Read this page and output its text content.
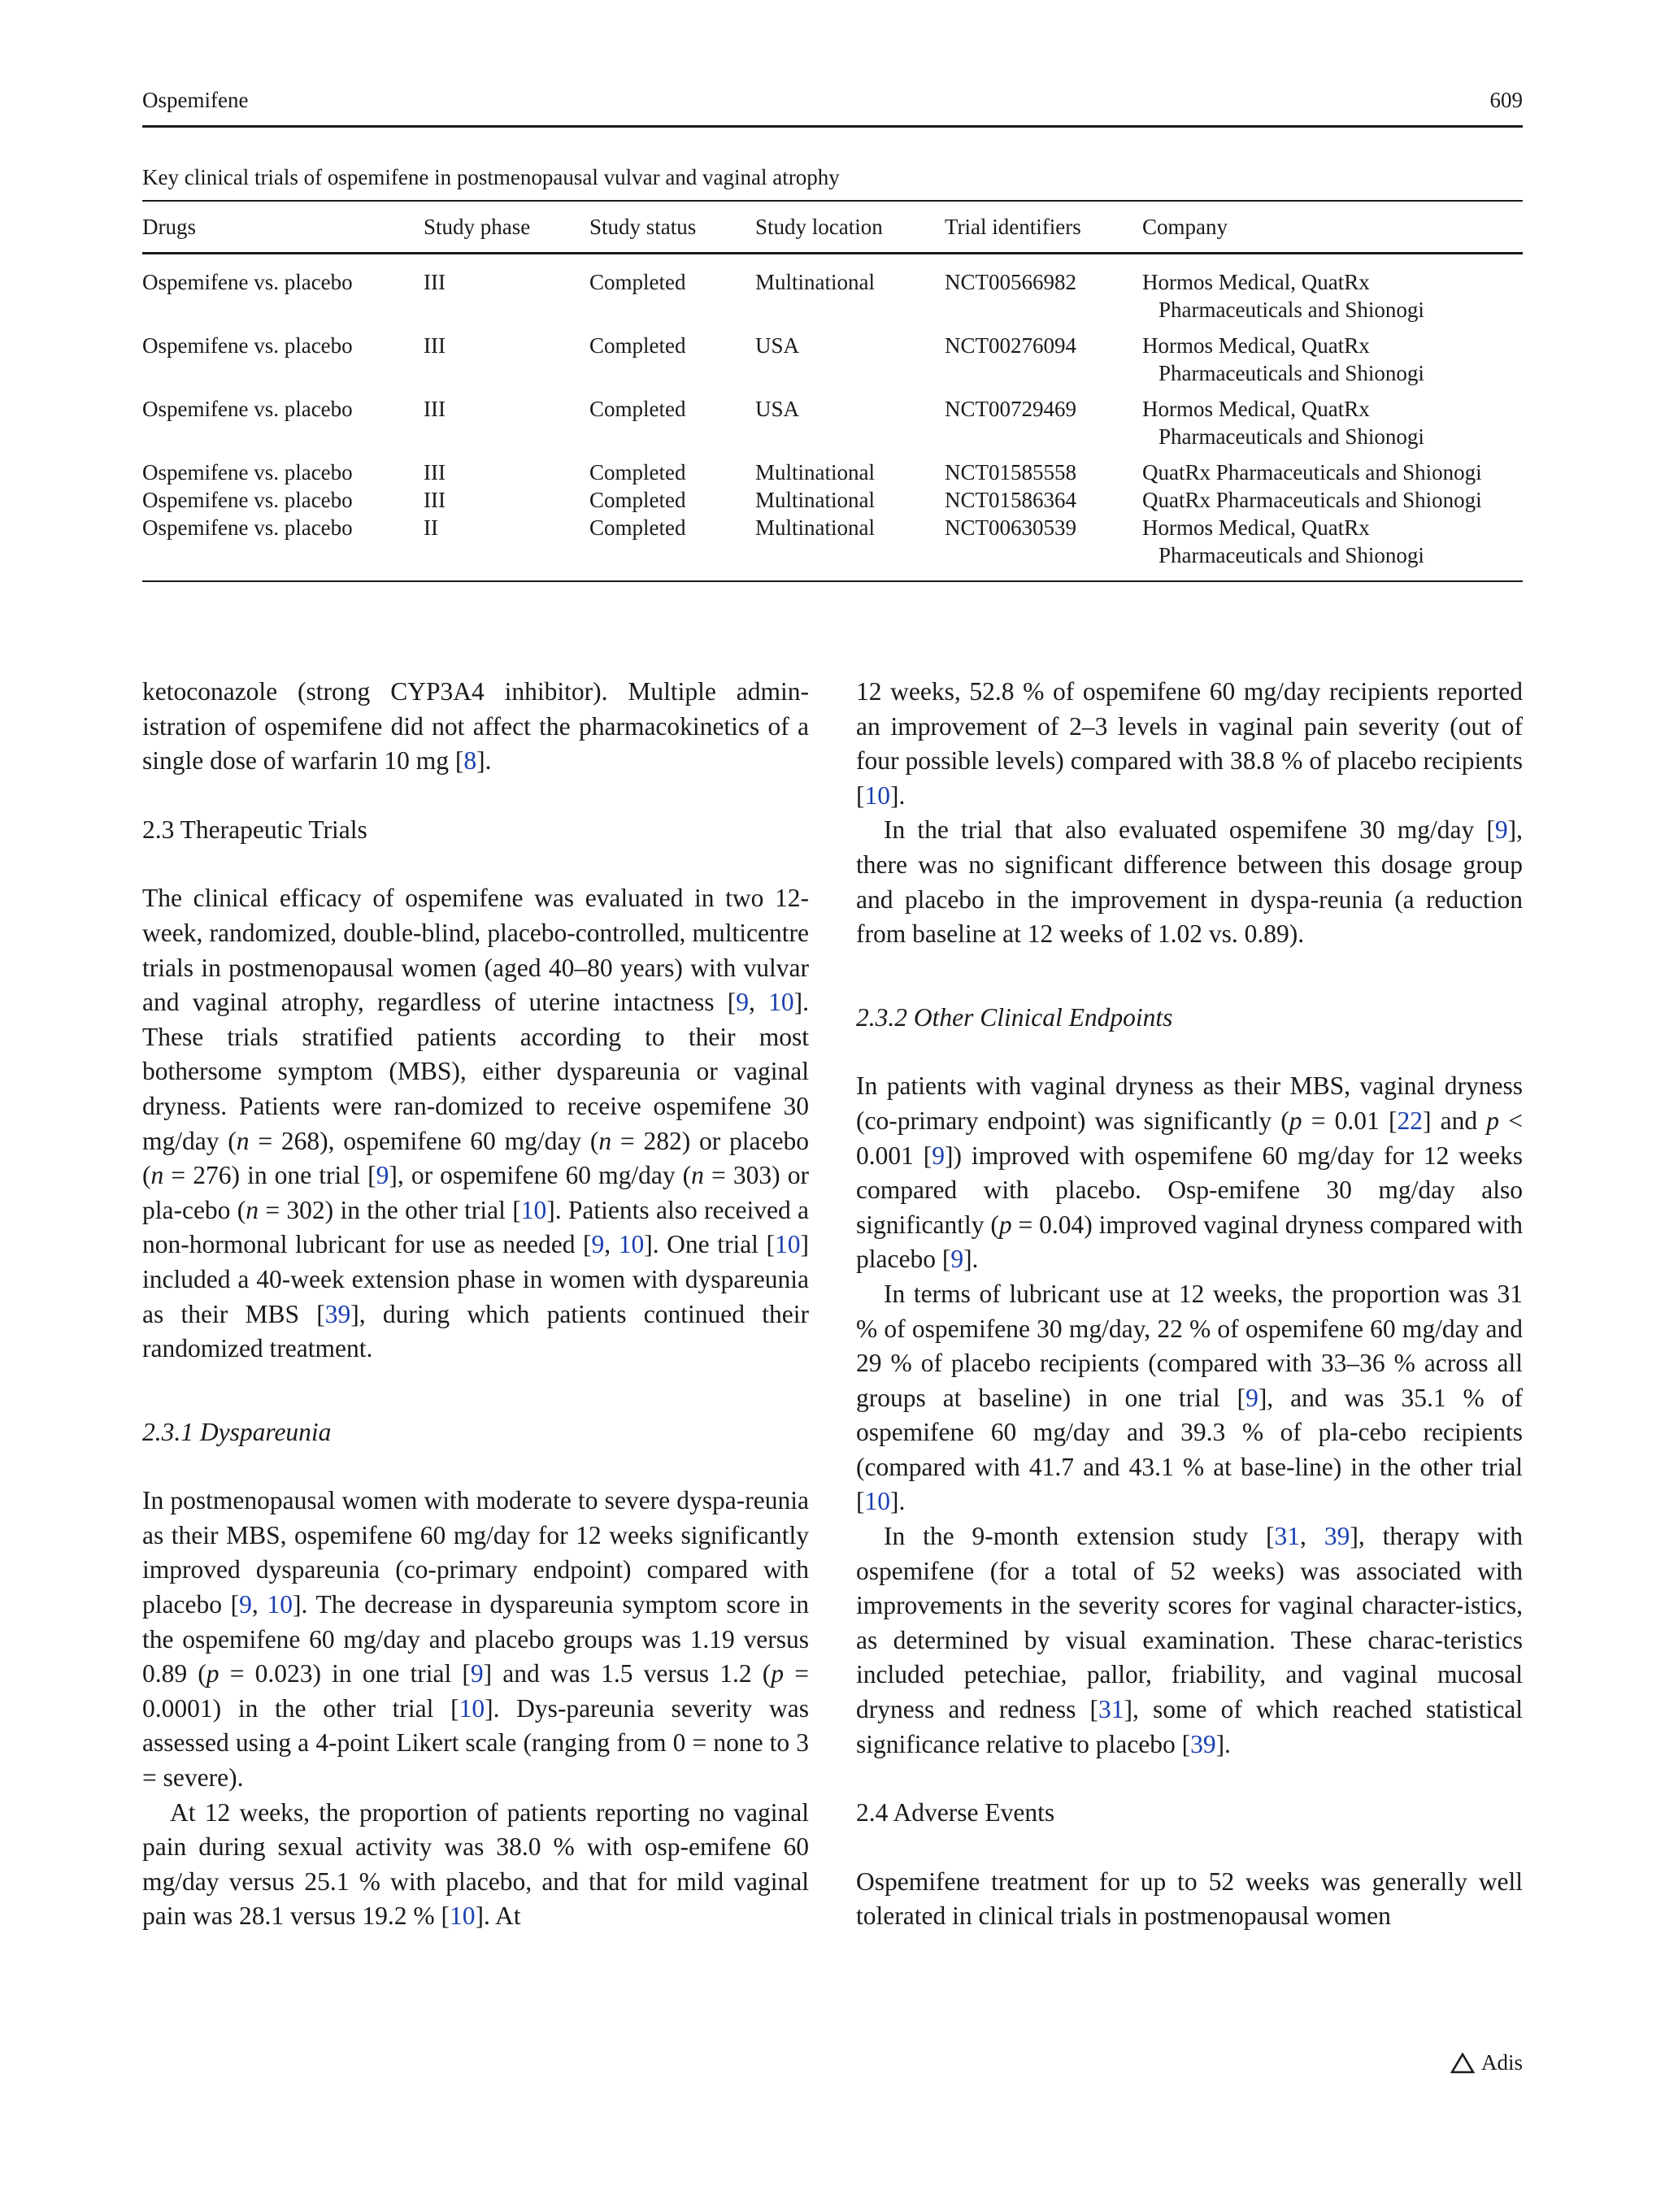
Ospemifene	609
Key clinical trials of ospemifene in postmenopausal vulvar and vaginal atrophy
Drugs	Study phase	Study status	Study location	Trial identifiers	Company
Ospemifene vs. placebo	III	Completed	Multinational	NCT00566982	Hormos Medical, QuatRx
Pharmaceuticals and Shionogi

Ospemifene vs. placebo	III	Completed	USA	NCT00276094	Hormos Medical, QuatRx
Pharmaceuticals and Shionogi

Ospemifene vs. placebo	III	Completed	USA	NCT00729469	Hormos Medical, QuatRx
Pharmaceuticals and Shionogi

Ospemifene vs. placebo	III	Completed	Multinational	NCT01585558	QuatRx Pharmaceuticals and Shionogi
Ospemifene vs. placebo	III	Completed	Multinational	NCT01586364	QuatRx Pharmaceuticals and Shionogi
Ospemifene vs. placebo	II	Completed	Multinational	NCT00630539	Hormos Medical, QuatRx
Pharmaceuticals and Shionogi

ketoconazole (strong CYP3A4 inhibitor). Multiple admin-istration of ospemifene did not affect the pharmacokinetics of a single dose of warfarin 10 mg [8].

2.3 Therapeutic Trials

The clinical efficacy of ospemifene was evaluated in two 12-week, randomized, double-blind, placebo-controlled, multicentre trials in postmenopausal women (aged 40–80 years) with vulvar and vaginal atrophy, regardless of uterine intactness [9, 10]. These trials stratified patients according to their most bothersome symptom (MBS), either dyspareunia or vaginal dryness. Patients were ran-domized to receive ospemifene 30 mg/day (n = 268), ospemifene 60 mg/day (n = 282) or placebo (n = 276) in one trial [9], or ospemifene 60 mg/day (n = 303) or pla-cebo (n = 302) in the other trial [10]. Patients also received a non-hormonal lubricant for use as needed [9, 10]. One trial [10] included a 40-week extension phase in women with dyspareunia as their MBS [39], during which patients continued their randomized treatment.

2.3.1 Dyspareunia

In postmenopausal women with moderate to severe dyspa-reunia as their MBS, ospemifene 60 mg/day for 12 weeks significantly improved dyspareunia (co-primary endpoint) compared with placebo [9, 10]. The decrease in dyspareunia symptom score in the ospemifene 60 mg/day and placebo groups was 1.19 versus 0.89 (p = 0.023) in one trial [9] and was 1.5 versus 1.2 (p = 0.0001) in the other trial [10]. Dys-pareunia severity was assessed using a 4-point Likert scale (ranging from 0 = none to 3 = severe).

At 12 weeks, the proportion of patients reporting no vaginal pain during sexual activity was 38.0 % with osp-emifene 60 mg/day versus 25.1 % with placebo, and that for mild vaginal pain was 28.1 versus 19.2 % [10]. At

12 weeks, 52.8 % of ospemifene 60 mg/day recipients reported an improvement of 2–3 levels in vaginal pain severity (out of four possible levels) compared with 38.8 % of placebo recipients [10].

In the trial that also evaluated ospemifene 30 mg/day [9], there was no significant difference between this dosage group and placebo in the improvement in dyspa-reunia (a reduction from baseline at 12 weeks of 1.02 vs. 0.89).

2.3.2 Other Clinical Endpoints

In patients with vaginal dryness as their MBS, vaginal dryness (co-primary endpoint) was significantly (p = 0.01 [22] and p < 0.001 [9]) improved with ospemifene 60 mg/day for 12 weeks compared with placebo. Osp-emifene 30 mg/day also significantly (p = 0.04) improved vaginal dryness compared with placebo [9].

In terms of lubricant use at 12 weeks, the proportion was 31 % of ospemifene 30 mg/day, 22 % of ospemifene 60 mg/day and 29 % of placebo recipients (compared with 33–36 % across all groups at baseline) in one trial [9], and was 35.1 % of ospemifene 60 mg/day and 39.3 % of pla-cebo recipients (compared with 41.7 and 43.1 % at base-line) in the other trial [10].

In the 9-month extension study [31, 39], therapy with ospemifene (for a total of 52 weeks) was associated with improvements in the severity scores for vaginal character-istics, as determined by visual examination. These charac-teristics included petechiae, pallor, friability, and vaginal mucosal dryness and redness [31], some of which reached statistical significance relative to placebo [39].

2.4 Adverse Events

Ospemifene treatment for up to 52 weeks was generally well tolerated in clinical trials in postmenopausal women

Adis
